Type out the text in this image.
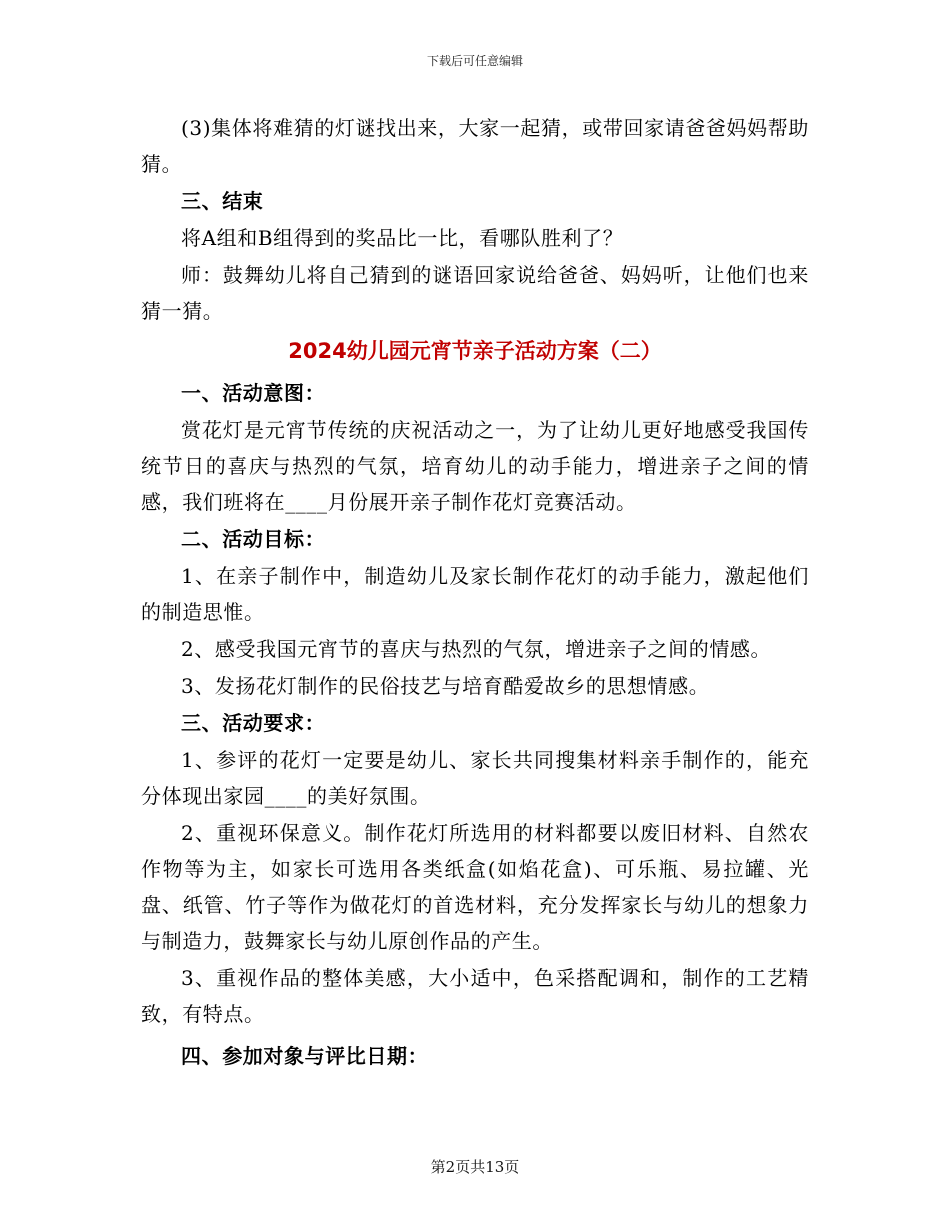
下载后可任意编辑

(3)集体将难猜的灯谜找出来，大家一起猜，或带回家请爸爸妈妈帮助猜。

三、结束

将A组和B组得到的奖品比一比，看哪队胜利了？

师：鼓舞幼儿将自己猜到的谜语回家说给爸爸、妈妈听，让他们也来猜一猜。

2024幼儿园元宵节亲子活动方案（二）

一、活动意图：

赏花灯是元宵节传统的庆祝活动之一，为了让幼儿更好地感受我国传统节日的喜庆与热烈的气氛，培育幼儿的动手能力，增进亲子之间的情感，我们班将在____月份展开亲子制作花灯竞赛活动。

二、活动目标：

1、在亲子制作中，制造幼儿及家长制作花灯的动手能力，激起他们的制造思惟。

2、感受我国元宵节的喜庆与热烈的气氛，增进亲子之间的情感。

3、发扬花灯制作的民俗技艺与培育酷爱故乡的思想情感。

三、活动要求：

1、参评的花灯一定要是幼儿、家长共同搜集材料亲手制作的，能充分体现出家园____的美好氛围。

2、重视环保意义。制作花灯所选用的材料都要以废旧材料、自然农作物等为主，如家长可选用各类纸盒(如焰花盒)、可乐瓶、易拉罐、光盘、纸管、竹子等作为做花灯的首选材料，充分发挥家长与幼儿的想象力与制造力，鼓舞家长与幼儿原创作品的产生。

3、重视作品的整体美感，大小适中，色采搭配调和，制作的工艺精致，有特点。

四、参加对象与评比日期：

第2页共13页
